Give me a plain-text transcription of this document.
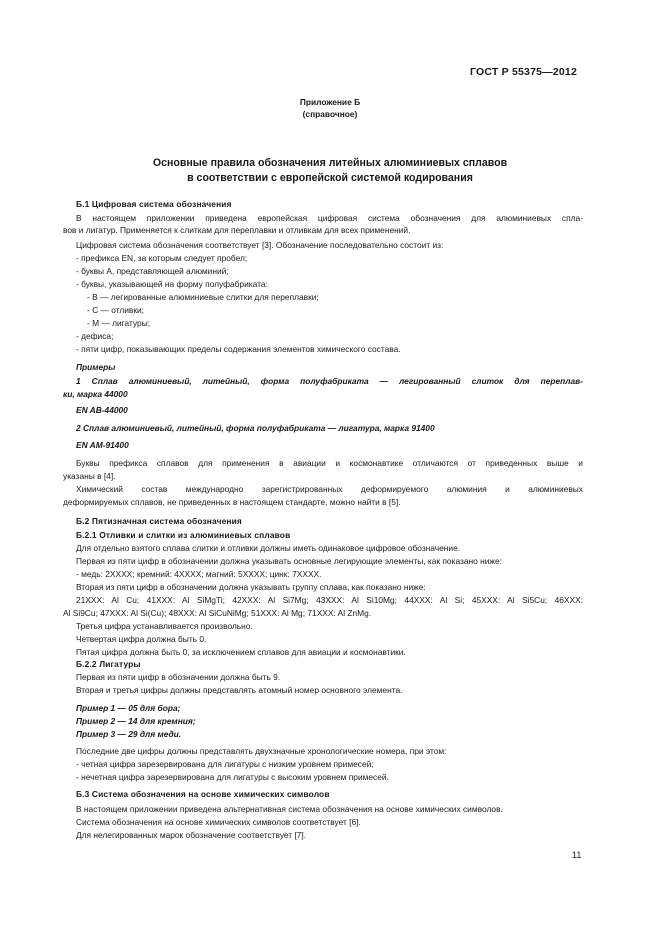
ГОСТ Р 55375—2012
Приложение Б
(справочное)
Основные правила обозначения литейных алюминиевых сплавов
в соответствии с европейской системой кодирования
Б.1 Цифровая система обозначения
В настоящем приложении приведена европейская цифровая система обозначения для алюминиевых спла-
вов и лигатур. Применяется к слиткам для переплавки и отливкам для всех применений.
Цифровая система обозначения соответствует [3]. Обозначение последовательно состоит из:
- префикса EN, за которым следует пробел;
- буквы А, представляющей алюминий;
- буквы, указывающей на форму полуфабриката:
- В — легированные алюминиевые слитки для переплавки;
- С — отливки;
- М — лигатуры;
- дефиса;
- пяти цифр, показывающих пределы содержания элементов химического состава.
Примеры
1 Сплав алюминиевый, литейный, форма полуфабриката — легированный слиток для переплав-
ки, марка 44000
EN AB-44000
2 Сплав алюминиевый, литейный, форма полуфабриката — лигатура, марка 91400
EN AM-91400
Буквы префикса сплавов для применения в авиации и космонавтике отличаются от приведенных выше и
указаны в [4].
Химический состав международно зарегистрированных деформируемого алюминия и алюминиевых
деформируемых сплавов, не приведенных в настоящем стандарте, можно найти в [5].
Б.2 Пятизначная система обозначения
Б.2.1 Отливки и слитки из алюминиевых сплавов
Для отдельно взятого сплава слитки и отливки должны иметь одинаковое цифровое обозначение.
Первая из пяти цифр в обозначении должна указывать основные легирующие элементы, как показано ниже:
- медь: 2ХXXX; кремний: 4XXXX; магний: 5XXXX; цинк: 7XXXX.
Вторая из пяти цифр в обозначении должна указывать группу сплава, как показано ниже:
21XXX: Al Cu; 41XXX: Al SiMgTi; 42XXX: Al Si7Mg; 43XXX: Al Si10Mg; 44XXX: Al Si; 45XXX: Al Si5Cu; 46XXX:
Al Si9Cu; 47XXX: Al Si(Cu); 48XXX: Al SiCuNiMg; 51XXX: Al Mg; 71XXX: Al ZnMg.
Третья цифра устанавливается произвольно.
Четвертая цифра должна быть 0.
Пятая цифра должна быть 0, за исключением сплавов для авиации и космонавтики.
Б.2.2 Лигатуры
Первая из пяти цифр в обозначении должна быть 9.
Вторая и третья цифры должны представлять атомный номер основного элемента.
Пример 1 — 05 для бора;
Пример 2 — 14 для кремния;
Пример 3 — 29 для меди.
Последние две цифры должны представлять двухзначные хронологические номера, при этом:
- четная цифра зарезервирована для лигатуры с низким уровнем примесей;
- нечетная цифра зарезервирована для лигатуры с высоким уровнем примесей.
Б.3 Система обозначения на основе химических символов
В настоящем приложении приведена альтернативная система обозначения на основе химических символов.
Система обозначения на основе химических символов соответствует [6].
Для нелегированных марок обозначение соответствует [7].
11
